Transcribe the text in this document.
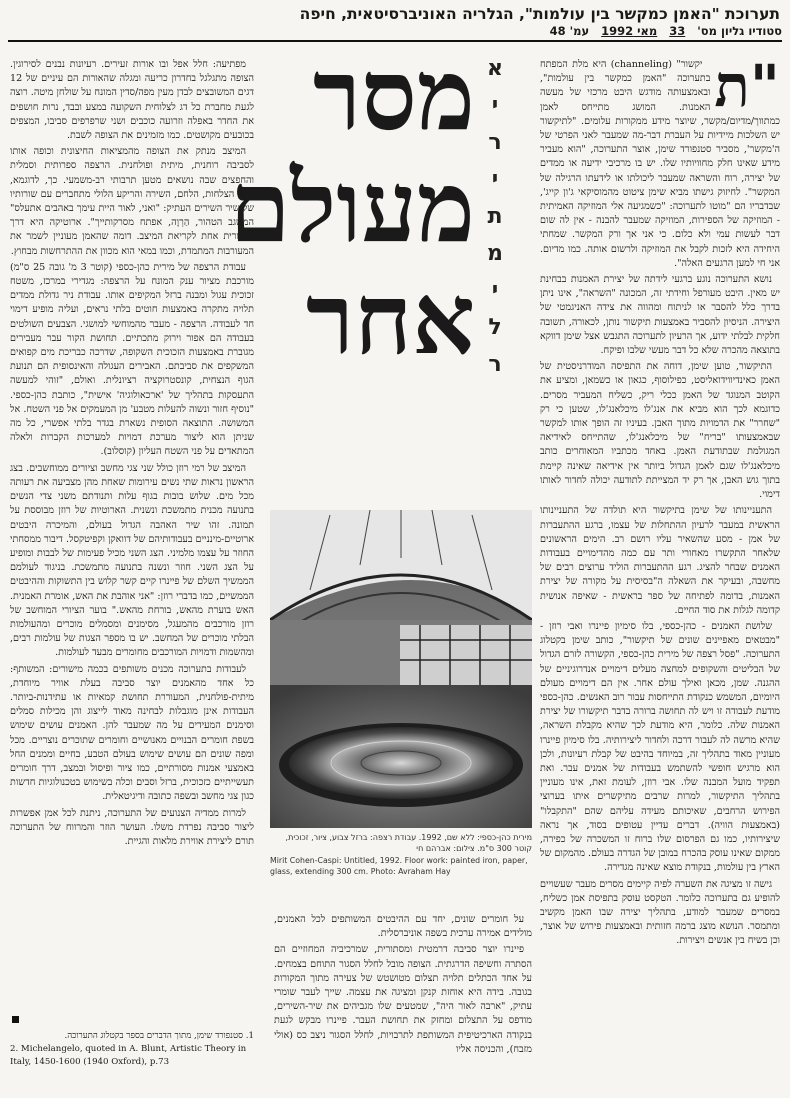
תערוכת "האמן כמקשר בין עולמות", הגלריה האוניברסיטאית, חיפה
סטודיו גליון מס' 33 מאי 1992 עמ' 48
"ת

יקשור" (channeling) היא מלת המפתח בתערוכה "האמן כמקשר בין עולמות", ובאמצעותה מודגש היבט מרכזי של מעשה האמנות. המושג מתייחס לאמן כמתווך/מדיום/מקשר, שיוצר מידע ממקורות עלומים. "לתיקשור יש השלכות מיידיות על העברת דבר-מה שמעבר לאני הפרטי של ה'מקשר', מסביר סטנפורד שימן, אוצר התערוכה, "הוא מעביר מידע שאינו חלק מחוויותיו שלו. יש בו מרכיבי ידיעה או ממדים של יצירה, רוח והשראה שמעבר ליכולתו או לידעתו הרגילה של המקשר". לחיזוק גישתו מביא שימן ציטוט מהמוסיקאי ג'ון קייג', שבדבריו הם "מוטו לתערוכה: "כשמגיעה אלי המוזיקה האמיתית - המוזיקה של הספירות, המוזיקה שמעבר להבנה - אין לה שום דבר לעשות עמי ולא כלום. כי אני אך ורק המקשר. שמחתי היחידה היא לזכות לקבל את המוזיקה ולרשום אותה. כמו מדיום. אני חי למען הרגעים האלה".

נושא התערוכה נוגע ברגעי לידתה של יצירת האמנות בבחינת יש מאין. היבט מעורפל וחידתי זה, המכונה "השראה", אינו ניתן בדרך כלל להסבר או לניתוח ומהווה את צידה האניגמטי של היצירה. הניסיון להסביר באמצעות תיקשור נותן, לכאורה, תשובה חלקית לבלתי ידוע, אך הרעיון לתערוכה התגבש אצל שימן דווקא בתוצאה מהכרה שלא כל דבר מעשי שלבו ופיקח.

התיקשור, טוען שימן, דוחה את התפיסה המודרניסטית של האמן כאינדיווידואליסט, כפילוסוף, כגאון או כשמאן, ומציע את הקוטב המנוגד של האמן ככלי ריק, כשליח המעביר מסרים. כדוגמא לכך הוא מביא את אנג'לו מיכלאנג'לו, שטען כי רק "שחרר" את הדמויות מתוך האבן. בעיניו זה הופך אותו למקשר שבאמצעותו "בריח" של מיכלאנג'לו, שהתייחס לאידיאה המגולמת שבתודעת האמן. באחד מכתביו המאוחרים כותב מיכלאנג'לו שגם לאמן הגדול ביותר אין אידיאה שאינה קיימת בתוך גוש האבן, אך רק יד המצייתת לתודעה יכולה לחדור לאותו דימוי.

התעניינותו של שימן בתיקשור היא תולדה של התעניינותו הראשית במעבר לרעיון ההתחלות של עצמו, ברגע ההתעברות של אמן - מסע שהשאיר עליו רושם רב. הימים הראשונים שלאחר התקשרו מאחורי ותר עם כמה מהדימויים בעבודות האמנים שבחר להציג. רגע ההתעברות הוליד ערוצים רבים של מחשבה, ובעיקר את השאלה ה"בסיסית על מקורה של יצירת האמנות, בדומה לפתיחה של ספר בראשית - שאיפה אנושית קדומה לגלות את סוד החיים.

שלושת האמנים - כהן-כספי, בלו סימיון פיינרו ואבי רוזן - "מבטאים מאפיינים שונים של תיקשור", כותב שימן בקטלוג התערוכה. "פסל רצפה של מירית כהן-כספי, הקשורה לזרם הגדול של הבליטים והשקופים למחצה מעלים דימויים אנדרוגיניים של ההגנה. שמן, מכאן ואילך עולם אחר. אין הם דימויים מעולם היומיום, המשמש כנקודת התייחסות עבור רוב האנשים. כהן-כספי מודעת לעבודה זו ויש לה תחושה ברורה בדבר תיקשורו של יצירת האמנות שלה. כלומר, היא מודעת לכך שהיא מקבלת השראה, שהיא מרשה לה לעבור דרכה ולחדור ליצירותיה. בלו סימיון פיינרו מעוניין מאוד בתהליך זה, במיוחד בהיבט של קבלת רעיונות, ולכן הוא מרגיש חופשי להשתמש בעבודות של אמנים עבר. ואת תפקיד מועל המבנה שלו. אבי רוזן, לעומת זאת, אינו מעוניין בתהליך התיקשור, למרות שרבים מתיקשרים איתו בערוצי הפירוש הרחבים, שאיכותם מעידה עליהם שהם "התקבלו" (באמצעות הוויה). דברים עדיין עטופים בסוד, אך נראה שיצירותיו, כמו גם הפרסום שלו ברוח זו המשכרה של כפירה, ממקום שאינו עוסק בהכרח במובן של הגדרה בעולם. מהמקום של הארץ בין עולמות, בנקודת מוצא שאינה מגדירה.

גישה זו מציגה את השערה לפיה קיימים מסרים מעבר שעשויים להופיע גם בתערוכה כלומר. הטקסט עוסק בתפיסת אמן כשליח, במסרים שמעבר למודע, בתהליך יצירה שבו האמן מקשיב ומתמסר. הנושא מוצג ברמה חזותית ובאמצעות פירוש של אוצר, וכן בשיח בין אנשים ויצירות.

מסר
מעולם
אחר
א
י
ר
י
ת
מ
י
ל
ר
מירית כהן-כספי: ללא שם, 1992. עבודת רצפה: ברזל צבוע, ציור, זכוכית, קוטר 300 ס"מ. צילום: אברהם חי
Mirit Cohen-Caspi: Untitled, 1992. Floor work: painted iron, paper, glass, extending 300 cm. Photo: Avraham Hay

על חומרים שונים, יחד עם ההיבטים המשותפים לכל האמנים, מולידים אמירה ערכית בשפה אוניברסלית.

פיינרו יוצר סביבה דרמטית ומסתורית, שמרכיביה המחוזיים הם הסתרה וחשיפה הדרגתית. הצופה מובל לחלל הסגור התוחם בצמחים. על אחד הכתלים תלויה תצלום מטושטש של צעירה מתוך המקורות בגובה. בידה היא אוחזת קנקן ומציגה את עצמה. שייך לעבר שומרי עתיק, "ארבה לאור היה", שמטעים שלו מגביהים את שיר-השירים, מודפס על התצלום ומחזק את תחושת העבר. פיינרו מבקש לגעת בנקודה הארכיטיפית המשותפת לתרבויות, לחלל הסגור ניצב כס (אולי מזבח), והכניסה אליו

מפתיעה: חלל אפל ובו אורות זעירים. רעיונות נבנים לסירוגין. הצופה מתגלגל בחדרון כריעה ומגלה שהאורות הם עיניים של 12 דגים המשובצים לבדן מעין מפה/סדין המונח על שולחן מיטה. רוצה לגעת מחברת כל דג לצלוחית השקועה במצע ובבד, נרות חושפים את החדר באפלה וזרועה כוכבים ושני שרפרפים סביבו, המצפים בכובעים מקושטים. כמו מזמינים את הצופה לשבת.

המיצב מנתק את הצופה מהמציאות החיצונית וכופה אותו לסביבה רוחנית, מיתית ופולחנית. הרצפה ספרותית וסמלית והחפצים שבה נושאים מטען תרבותי רב-משמעי. כך, לדוגמא, הדג, הצלחות, הלחם, השירה והריקע הלולי מתחברים עם שורותיו של שיר השירים העתיק: "ואני, לאור היית עימך באהבים אתעלס" המשגב הטהור, הַרְוֶה, אפתח מסרקותייך". ארוטיקה היא דרך אפשרית אחת לקריאת המיצב. דומה שהאמן מעוניין לשמר את המעורבות המתמדת, וכמו במאי הוא מכוון את ההתרחשות מבחוץ.

עבודת הרצפה של מירית כהן-כספי (קוטר 3 מ' גובה 25 ס"מ) מורכבת מציור ענק המונח על הרצפה: מגדירי במרכז, משטח זכוכית עגול ומבנה ברזל המקיפים אותו. עבודת ניר גדולת ממדים תלויה מתקרה באמצעות חוטים בלתי נראים, ועליה מופיע דימוי חד לעבודה. הרצפה - מעבר מהמוחשי למושגי. הצבעים השולטים בעבודה הם אפור וירוק מתכתיים. תחושת הקור עבר מעבירים מגוברת באמצעות הזכוכית השקופה, שדרכה כבריכת מים קפואים המשקפים את סביבתם. האבירים העגולה והאינסופית הם תנועת הגוף הנצחית, קונסטרוקציה רציונלית. ואולם, "זוהי למעשה התעסקות בתהליך של 'ארכאולוגיה' אישית", כותבת כהן-כספי. "נוסיף חזור ונשוה להעלות מטבע' מן המעמקים אל פני השטח. אל המשושה. התוצאה הסופית נשארת בגדר בלתי אפשרי, כל מה שניתן הוא ליצור מערכת דמויות למערכות הקברות ולאלה המתאדים על פני השטח העליון (קוסלוב).

המיצב של רמי רוזן כולל שני צגי מחשב וציורים ממוחשבים. בצג הראשון נראות שתי נשים עירומות שאחת מהן מצביעה את רעותה מכל מים. שלוש בובות בגוף עלות ותנודתם משני צדי הנשים בתנועה מכנית מתמשכת ונשנית. הארוטיות של רוזן מבוססת על תמונה. זהו שיר האהבה הגדול בעולם, והמיכרה היבטים ארוטיים-מינניים בעבודותיהם של דוואקן וקפיטקסל. דיבור ממסחתי החוזר על עצמו מלמיני. הצג השני מכיל פעימות של לבבות ומופיע על הצג השני. חוזר ונשנה בתנועה מתמשכת. בניגוד לעולמם הממשיך השלם של פיינרו קיים קשר קלוש בין התשוקות וההיבטים הממשיים, כמו בדברי רוזן: "אני אוהבת את האש, אומרת האמנית. האש בוערת מהאש, בורחת מהאש." בוער הציורי המוחשב של רוזן מורכבים מהמעגל, מסימנים ומסמלים מוכרים ומהעולמות הבלתי מוכרים של המחשב. יש בו מספר הצגות של עולמות רבים, ומהשמות ודמויות המורכבים מחומרים מבעד לעולמות.

לעבודות בתערוכה מכנים משותפים בכמה מישורים: המשותף: כל אחד מהאמנים יוצר סביבה בעלת אוויר מיוחדת, מיתית-פולחנית, המעוררת תחושת קמאיות או עתידנות-ביותר. העבודות אינן מוגבלות לבחינה מאוד לייצוג והן מכילות סמלים וסימנים המעידים על מה שמעבר להן. האמנים עושים שימוש בשפת חומרים הבנויים מאנושיים וחומרים שתוכרים נוצריים. מכל ומפה שונים הם עושים שימוש בעולם הטבע, בחיים וממנים החל באמצעי אמנות מסורתיים, כמו ציור ופיסול ובמצב, דרך חומרים תעשייתיים כזכוכית, ברזל וסבים וכלה בשימוש בטכנולוגיות חדשות כגון צגי מחשב ובשפה כתובה ודיגיטאלית.

למרות ממדיה הצנועים של התערוכה, ניתנת לכל אמן אפשרות ליצור סביבה נפרדת משלו. העושר הוזר והמרווח של התערוכה תורם ליצירת אווירת מלאות והגיית.

1. סטנפורד שימן, מתוך הדברים בספר בקטלוג התערוכה.
2. Michelangelo, quoted in A. Blunt, Artistic Theory in Italy, 1450-1600 (1940 Oxford), p.73
